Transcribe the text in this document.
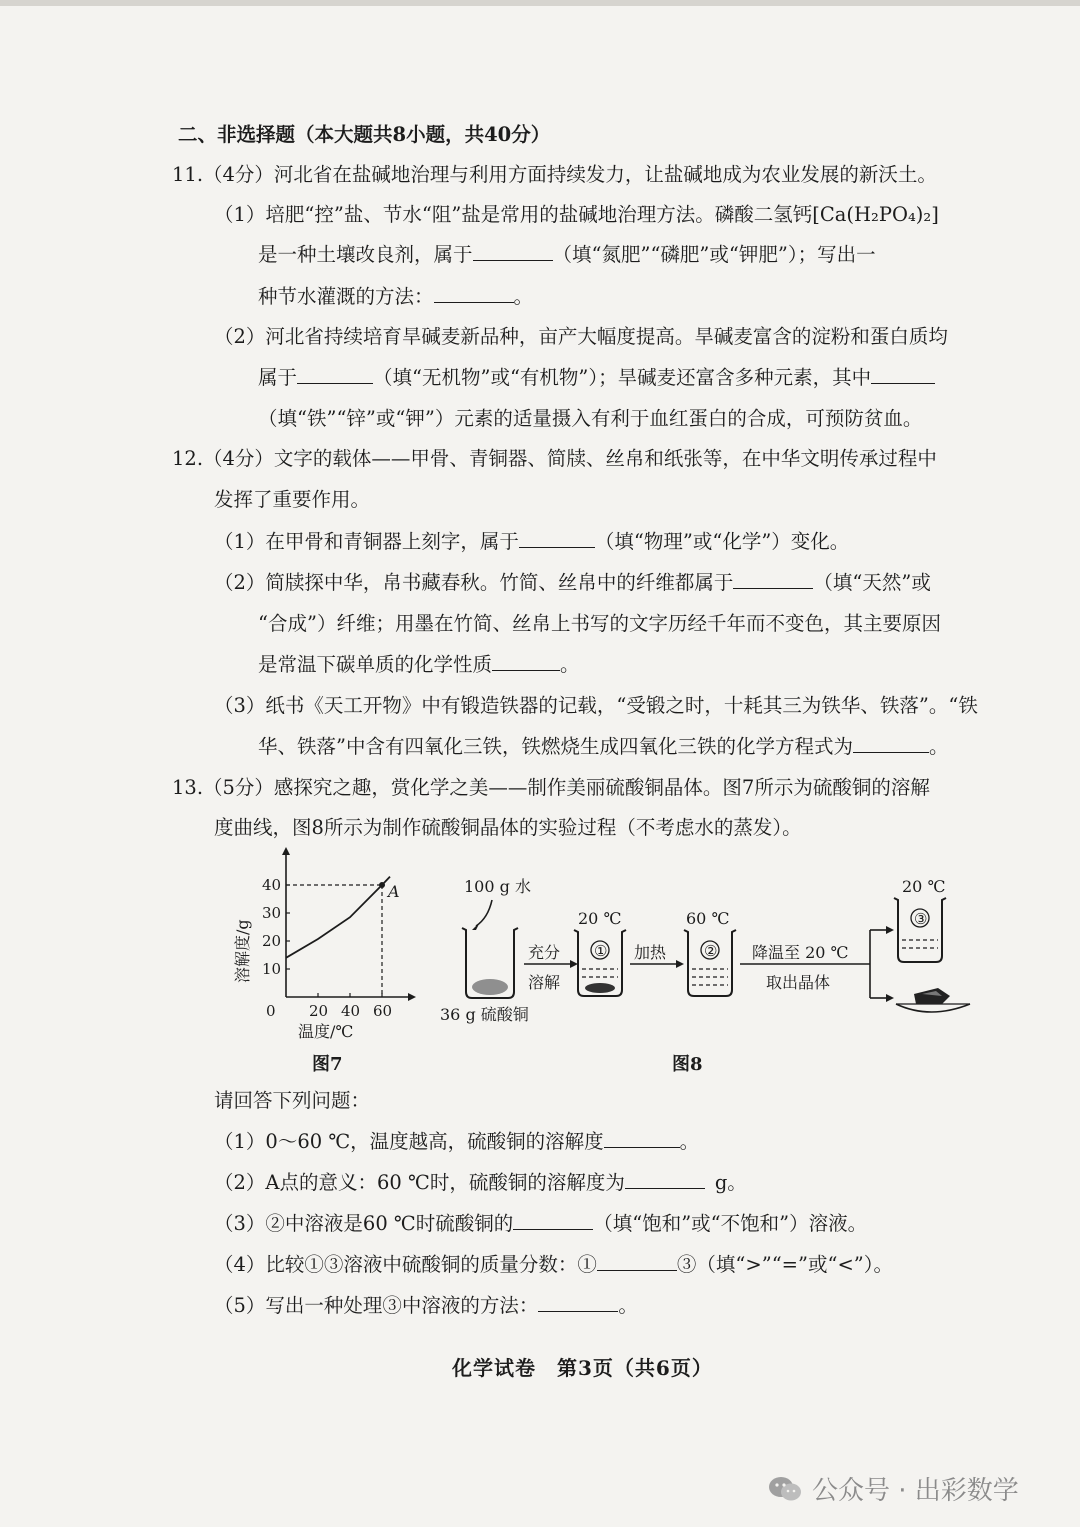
二、非选择题（本大题共8小题，共40分）
11.（4分）河北省在盐碱地治理与利用方面持续发力，让盐碱地成为农业发展的新沃土。
（1）培肥“控”盐、节水“阻”盐是常用的盐碱地治理方法。磷酸二氢钙[Ca(H₂PO₄)₂]
是一种土壤改良剂，属于	（填“氮肥”“磷肥”或“钾肥”）；写出一
种节水灌溉的方法：	。
（2）河北省持续培育旱碱麦新品种，亩产大幅度提高。旱碱麦富含的淀粉和蛋白质均
属于	（填“无机物”或“有机物”）；旱碱麦还富含多种元素，其中
（填“铁”“锌”或“钾”）元素的适量摄入有利于血红蛋白的合成，可预防贫血。
12.（4分）文字的载体——甲骨、青铜器、简牍、丝帛和纸张等，在中华文明传承过程中
发挥了重要作用。
（1）在甲骨和青铜器上刻字，属于	（填“物理”或“化学”）变化。
（2）简牍探中华，帛书藏春秋。竹简、丝帛中的纤维都属于	（填“天然”或
“合成”）纤维；用墨在竹简、丝帛上书写的文字历经千年而不变色，其主要原因
是常温下碳单质的化学性质	。
（3）纸书《天工开物》中有锻造铁器的记载，“受锻之时，十耗其三为铁华、铁落”。“铁
华、铁落”中含有四氧化三铁，铁燃烧生成四氧化三铁的化学方程式为	。
13.（5分）感探究之趣，赏化学之美——制作美丽硫酸铜晶体。图7所示为硫酸铜的溶解
度曲线，图8所示为制作硫酸铜晶体的实验过程（不考虑水的蒸发）。
10
20
30
40
20 40 60
0
溶解度/g
温度/℃
A
图7
100 g 水
36 g 硫酸铜
充分
溶解
20 ℃
① 加热
60 ℃
② 降温至 20 ℃
取出晶体
20 ℃
③
图8
请回答下列问题：
（1）0～60 ℃，温度越高，硫酸铜的溶解度	。
（2）A点的意义：60 ℃时，硫酸铜的溶解度为	g。
（3）②中溶液是60 ℃时硫酸铜的	（填“饱和”或“不饱和”）溶液。
（4）比较①③溶液中硫酸铜的质量分数：①	③（填“>”“=”或“<”）。
（5）写出一种处理③中溶液的方法：	。
化学试卷　第3页（共6页）
公众号 · 出彩数学
